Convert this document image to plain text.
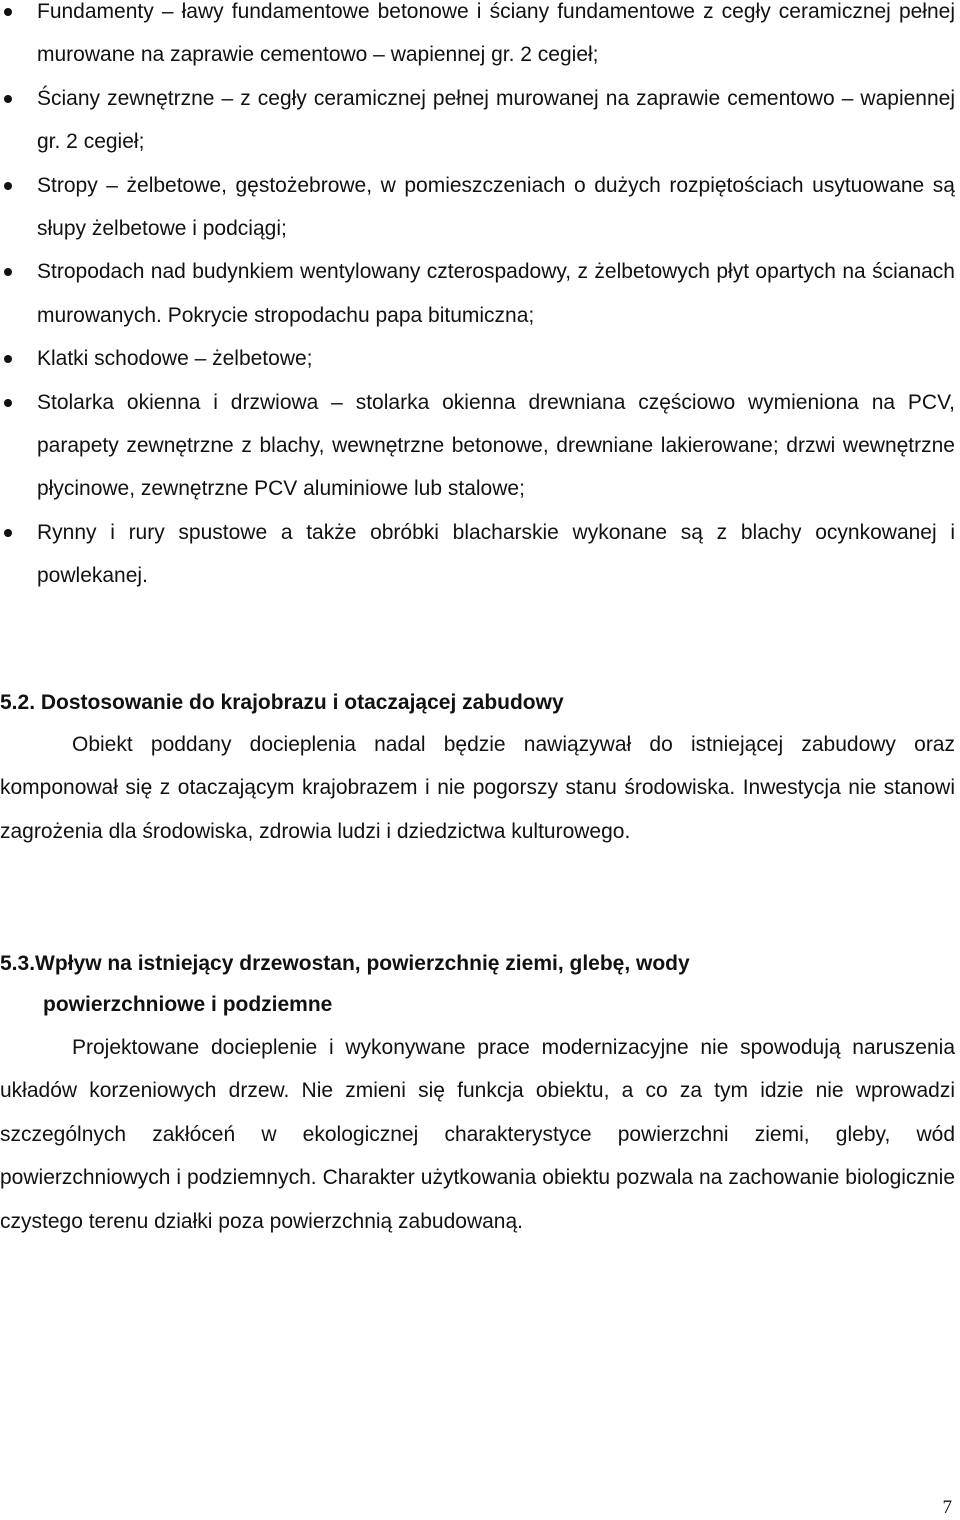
Fundamenty – ławy fundamentowe betonowe i ściany fundamentowe z cegły ceramicznej pełnej murowane na zaprawie cementowo – wapiennej gr. 2 cegieł;

Ściany zewnętrzne – z cegły ceramicznej pełnej murowanej na zaprawie cementowo – wapiennej gr. 2 cegieł;

Stropy – żelbetowe, gęstożebrowe, w pomieszczeniach o dużych rozpiętościach usytuowane są słupy żelbetowe i podciągi;

Stropodach nad budynkiem wentylowany czterospadowy, z żelbetowych płyt opartych na ścianach murowanych. Pokrycie stropodachu papa bitumiczna;

Klatki schodowe – żelbetowe;

Stolarka okienna i drzwiowa – stolarka okienna drewniana częściowo wymieniona na PCV, parapety zewnętrzne z blachy, wewnętrzne betonowe, drewniane lakierowane; drzwi wewnętrzne płycinowe, zewnętrzne PCV aluminiowe lub stalowe;

Rynny i rury spustowe a także obróbki blacharskie wykonane są z blachy ocynkowanej i powlekanej.

5.2. Dostosowanie do krajobrazu i otaczającej zabudowy

Obiekt poddany docieplenia nadal będzie nawiązywał do istniejącej zabudowy oraz komponował się z otaczającym krajobrazem i nie pogorszy stanu środowiska. Inwestycja nie stanowi zagrożenia dla środowiska, zdrowia ludzi i dziedzictwa kulturowego.

5.3.Wpływ na istniejący drzewostan, powierzchnię ziemi, glebę, wody
powierzchniowe i podziemne

Projektowane docieplenie i wykonywane prace modernizacyjne nie spowodują naruszenia układów korzeniowych drzew. Nie zmieni się funkcja obiektu, a co za tym idzie nie wprowadzi szczególnych zakłóceń w ekologicznej charakterystyce powierzchni ziemi, gleby, wód powierzchniowych i podziemnych. Charakter użytkowania obiektu pozwala na zachowanie biologicznie czystego terenu działki poza powierzchnią zabudowaną.

7
